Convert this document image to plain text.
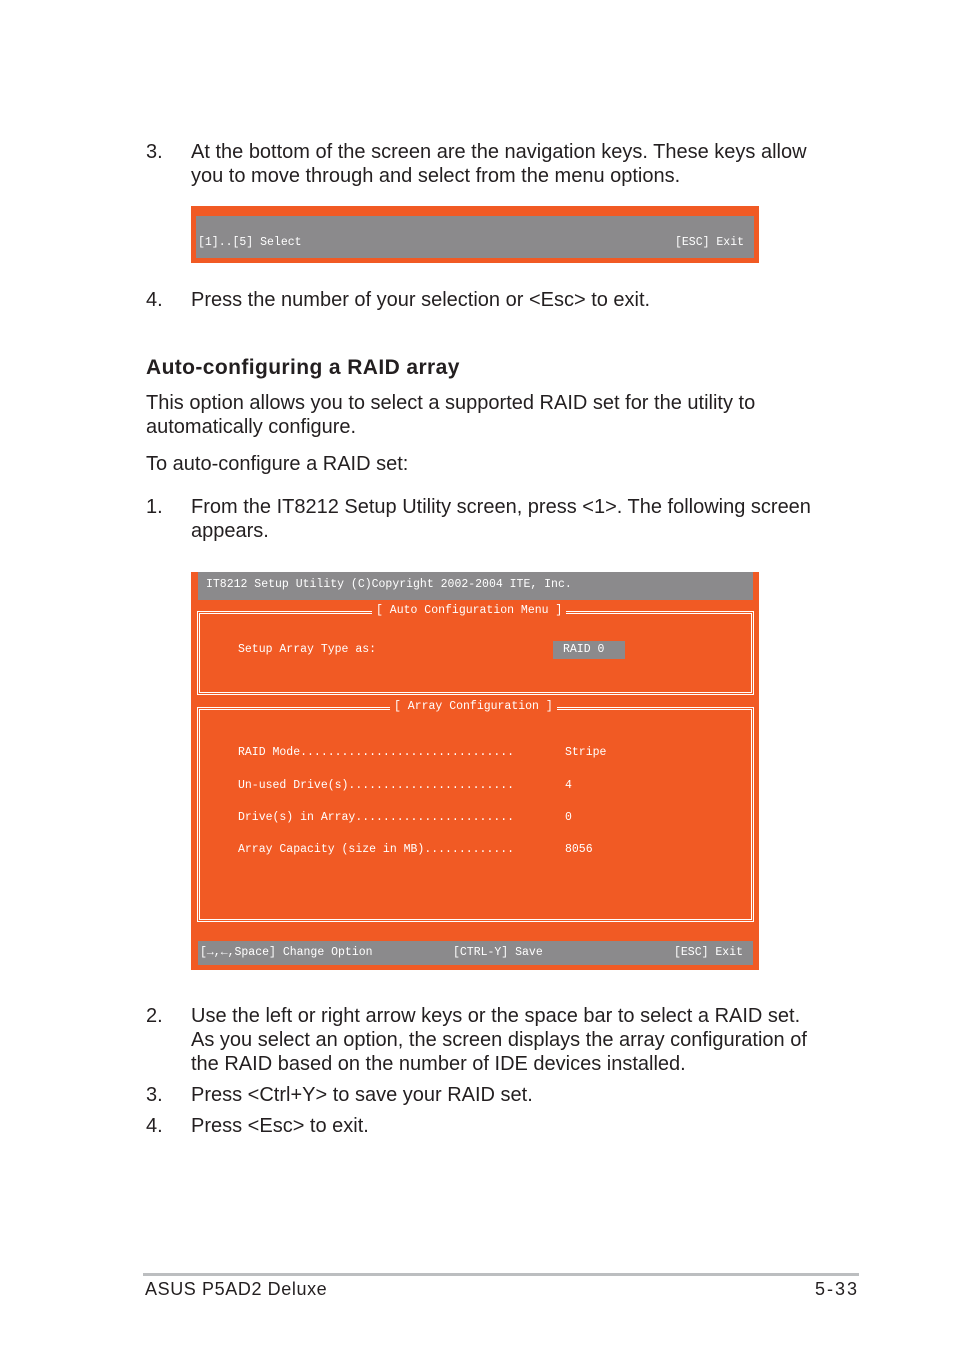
3.	At the bottom of the screen are the navigation keys. These keys allow
you to move through and select from the menu options.
[1]..[5] Select	[ESC] Exit
4.	Press the number of your selection or <Esc> to exit.
Auto-configuring a RAID array
This option allows you to select a supported RAID set for the utility to
automatically configure.
To auto-configure a RAID set:
1.	From the IT8212 Setup Utility screen, press <1>. The following screen
appears.
IT8212 Setup Utility (C)Copyright 2002-2004 ITE, Inc.
[ Auto Configuration Menu ]
Setup Array Type as:	RAID 0
[ Array Configuration ]
RAID Mode...............................	Stripe
Un-used Drive(s)........................	4
Drive(s) in Array.......................	0
Array Capacity (size in MB).............	8056
[→,←,Space] Change Option	[CTRL-Y] Save	[ESC] Exit
2.	Use the left or right arrow keys or the space bar to select a RAID set.
As you select an option, the screen displays the array configuration of
the RAID based on the number of IDE devices installed.
3.	Press <Ctrl+Y> to save your RAID set.
4.	Press <Esc> to exit.
ASUS P5AD2 Deluxe	5-33
